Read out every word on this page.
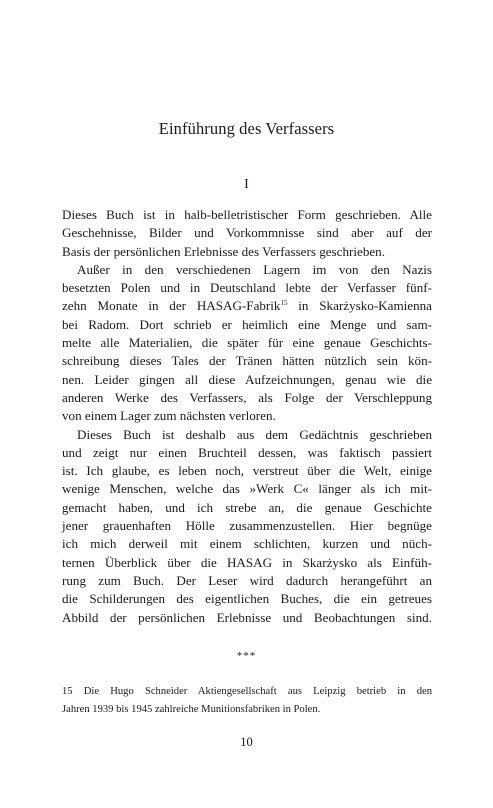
Einführung des Verfassers
I
Dieses Buch ist in halb-belletristischer Form geschrieben. Alle
Geschehnisse, Bilder und Vorkommnisse sind aber auf der
Basis der persönlichen Erlebnisse des Verfassers geschrieben.
Außer in den verschiedenen Lagern im von den Nazis
besetzten Polen und in Deutschland lebte der Verfasser fünf-
zehn Monate in der HASAG-Fabrik$^{15}$ in Skarżysko-Kamienna
bei Radom. Dort schrieb er heimlich eine Menge und sam-
melte alle Materialien, die später für eine genaue Geschichts-
schreibung dieses Tales der Tränen hätten nützlich sein kön-
nen. Leider gingen all diese Aufzeichnungen, genau wie die
anderen Werke des Verfassers, als Folge der Verschleppung
von einem Lager zum nächsten verloren.
Dieses Buch ist deshalb aus dem Gedächtnis geschrieben
und zeigt nur einen Bruchteil dessen, was faktisch passiert
ist. Ich glaube, es leben noch, verstreut über die Welt, einige
wenige Menschen, welche das »Werk C« länger als ich mit-
gemacht haben, und ich strebe an, die genaue Geschichte
jener grauenhaften Hölle zusammenzustellen. Hier begnüge
ich mich derweil mit einem schlichten, kurzen und nüch-
ternen Überblick über die HASAG in Skarżysko als Einfüh-
rung zum Buch. Der Leser wird dadurch herangeführt an
die Schilderungen des eigentlichen Buches, die ein getreues
Abbild der persönlichen Erlebnisse und Beobachtungen sind.
***
15 Die Hugo Schneider Aktiengesellschaft aus Leipzig betrieb in den
Jahren 1939 bis 1945 zahlreiche Munitionsfabriken in Polen.
10
